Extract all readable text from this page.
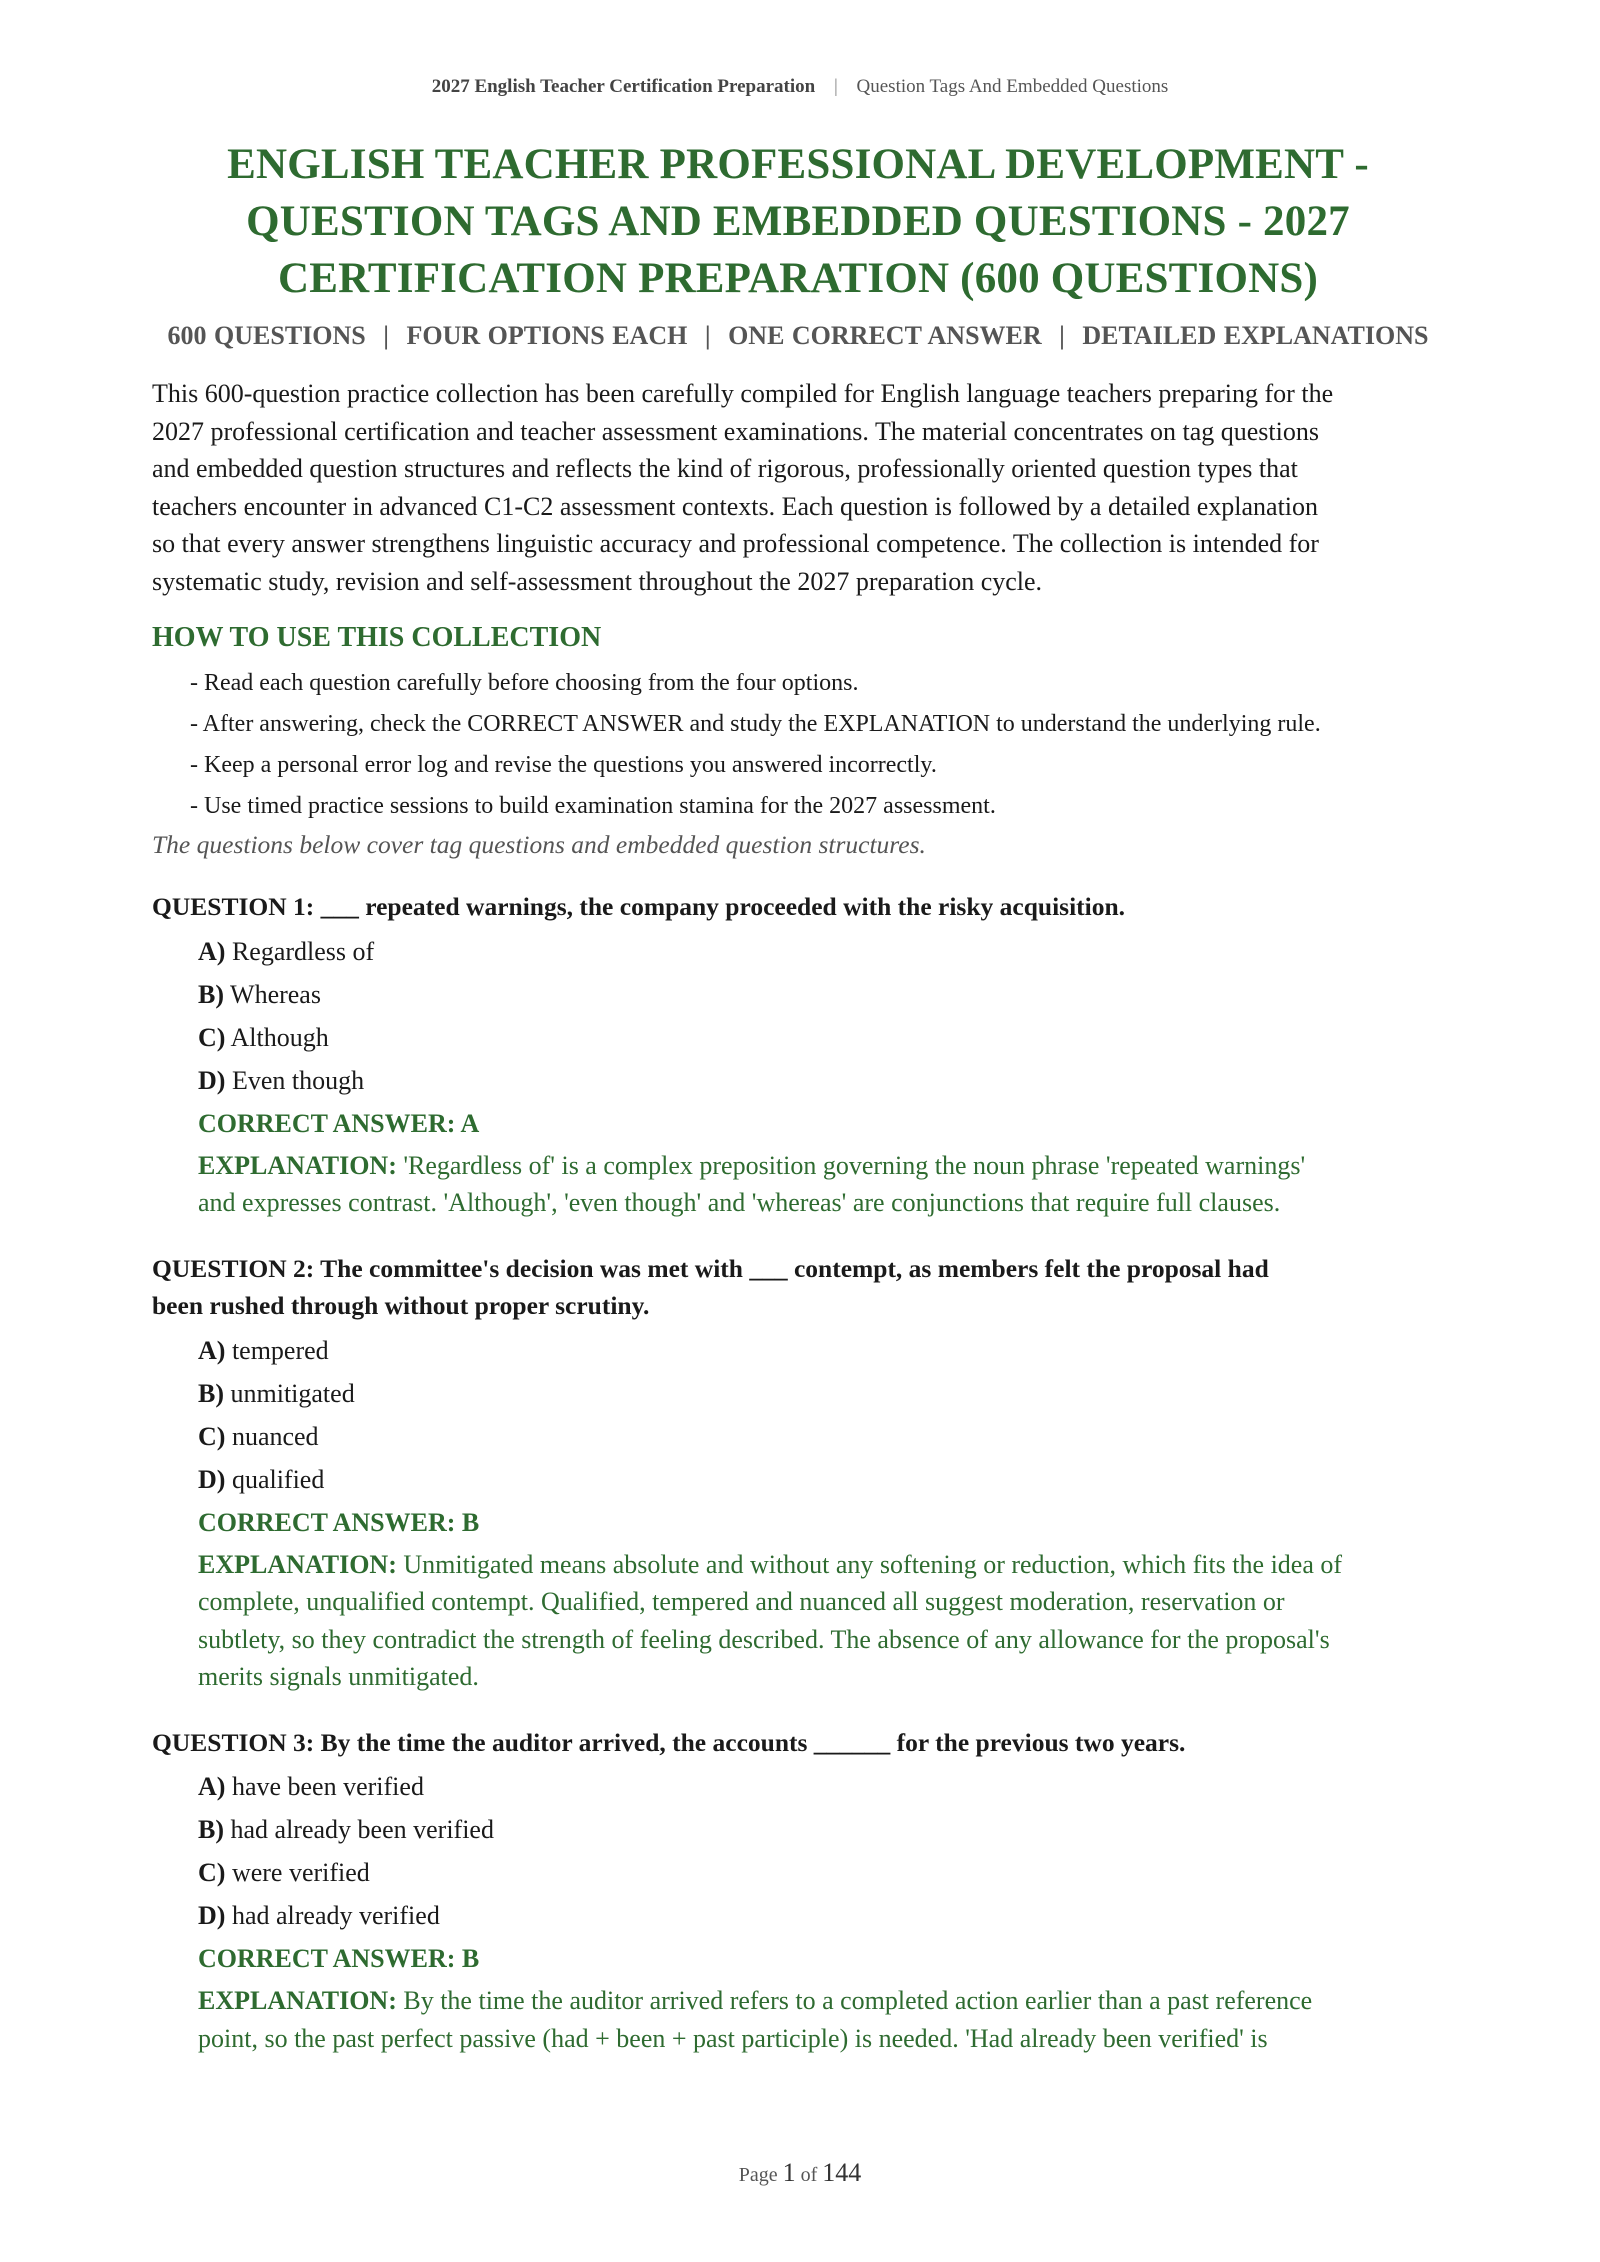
2027 English Teacher Certification Preparation | Question Tags And Embedded Questions
ENGLISH TEACHER PROFESSIONAL DEVELOPMENT -
QUESTION TAGS AND EMBEDDED QUESTIONS - 2027
CERTIFICATION PREPARATION (600 QUESTIONS)
600 QUESTIONS | FOUR OPTIONS EACH | ONE CORRECT ANSWER | DETAILED EXPLANATIONS
This 600-question practice collection has been carefully compiled for English language teachers preparing for the
2027 professional certification and teacher assessment examinations. The material concentrates on tag questions
and embedded question structures and reflects the kind of rigorous, professionally oriented question types that
teachers encounter in advanced C1-C2 assessment contexts. Each question is followed by a detailed explanation
so that every answer strengthens linguistic accuracy and professional competence. The collection is intended for
systematic study, revision and self-assessment throughout the 2027 preparation cycle.
HOW TO USE THIS COLLECTION
- Read each question carefully before choosing from the four options.
- After answering, check the CORRECT ANSWER and study the EXPLANATION to understand the underlying rule.
- Keep a personal error log and revise the questions you answered incorrectly.
- Use timed practice sessions to build examination stamina for the 2027 assessment.
The questions below cover tag questions and embedded question structures.
QUESTION 1: ___ repeated warnings, the company proceeded with the risky acquisition.
A) Regardless of
B) Whereas
C) Although
D) Even though
CORRECT ANSWER: A
EXPLANATION: 'Regardless of' is a complex preposition governing the noun phrase 'repeated warnings'
and expresses contrast. 'Although', 'even though' and 'whereas' are conjunctions that require full clauses.
QUESTION 2: The committee's decision was met with ___ contempt, as members felt the proposal had
been rushed through without proper scrutiny.
A) tempered
B) unmitigated
C) nuanced
D) qualified
CORRECT ANSWER: B
EXPLANATION: Unmitigated means absolute and without any softening or reduction, which fits the idea of
complete, unqualified contempt. Qualified, tempered and nuanced all suggest moderation, reservation or
subtlety, so they contradict the strength of feeling described. The absence of any allowance for the proposal's
merits signals unmitigated.
QUESTION 3: By the time the auditor arrived, the accounts ______ for the previous two years.
A) have been verified
B) had already been verified
C) were verified
D) had already verified
CORRECT ANSWER: B
EXPLANATION: By the time the auditor arrived refers to a completed action earlier than a past reference
point, so the past perfect passive (had + been + past participle) is needed. 'Had already been verified' is
Page 1 of 144
